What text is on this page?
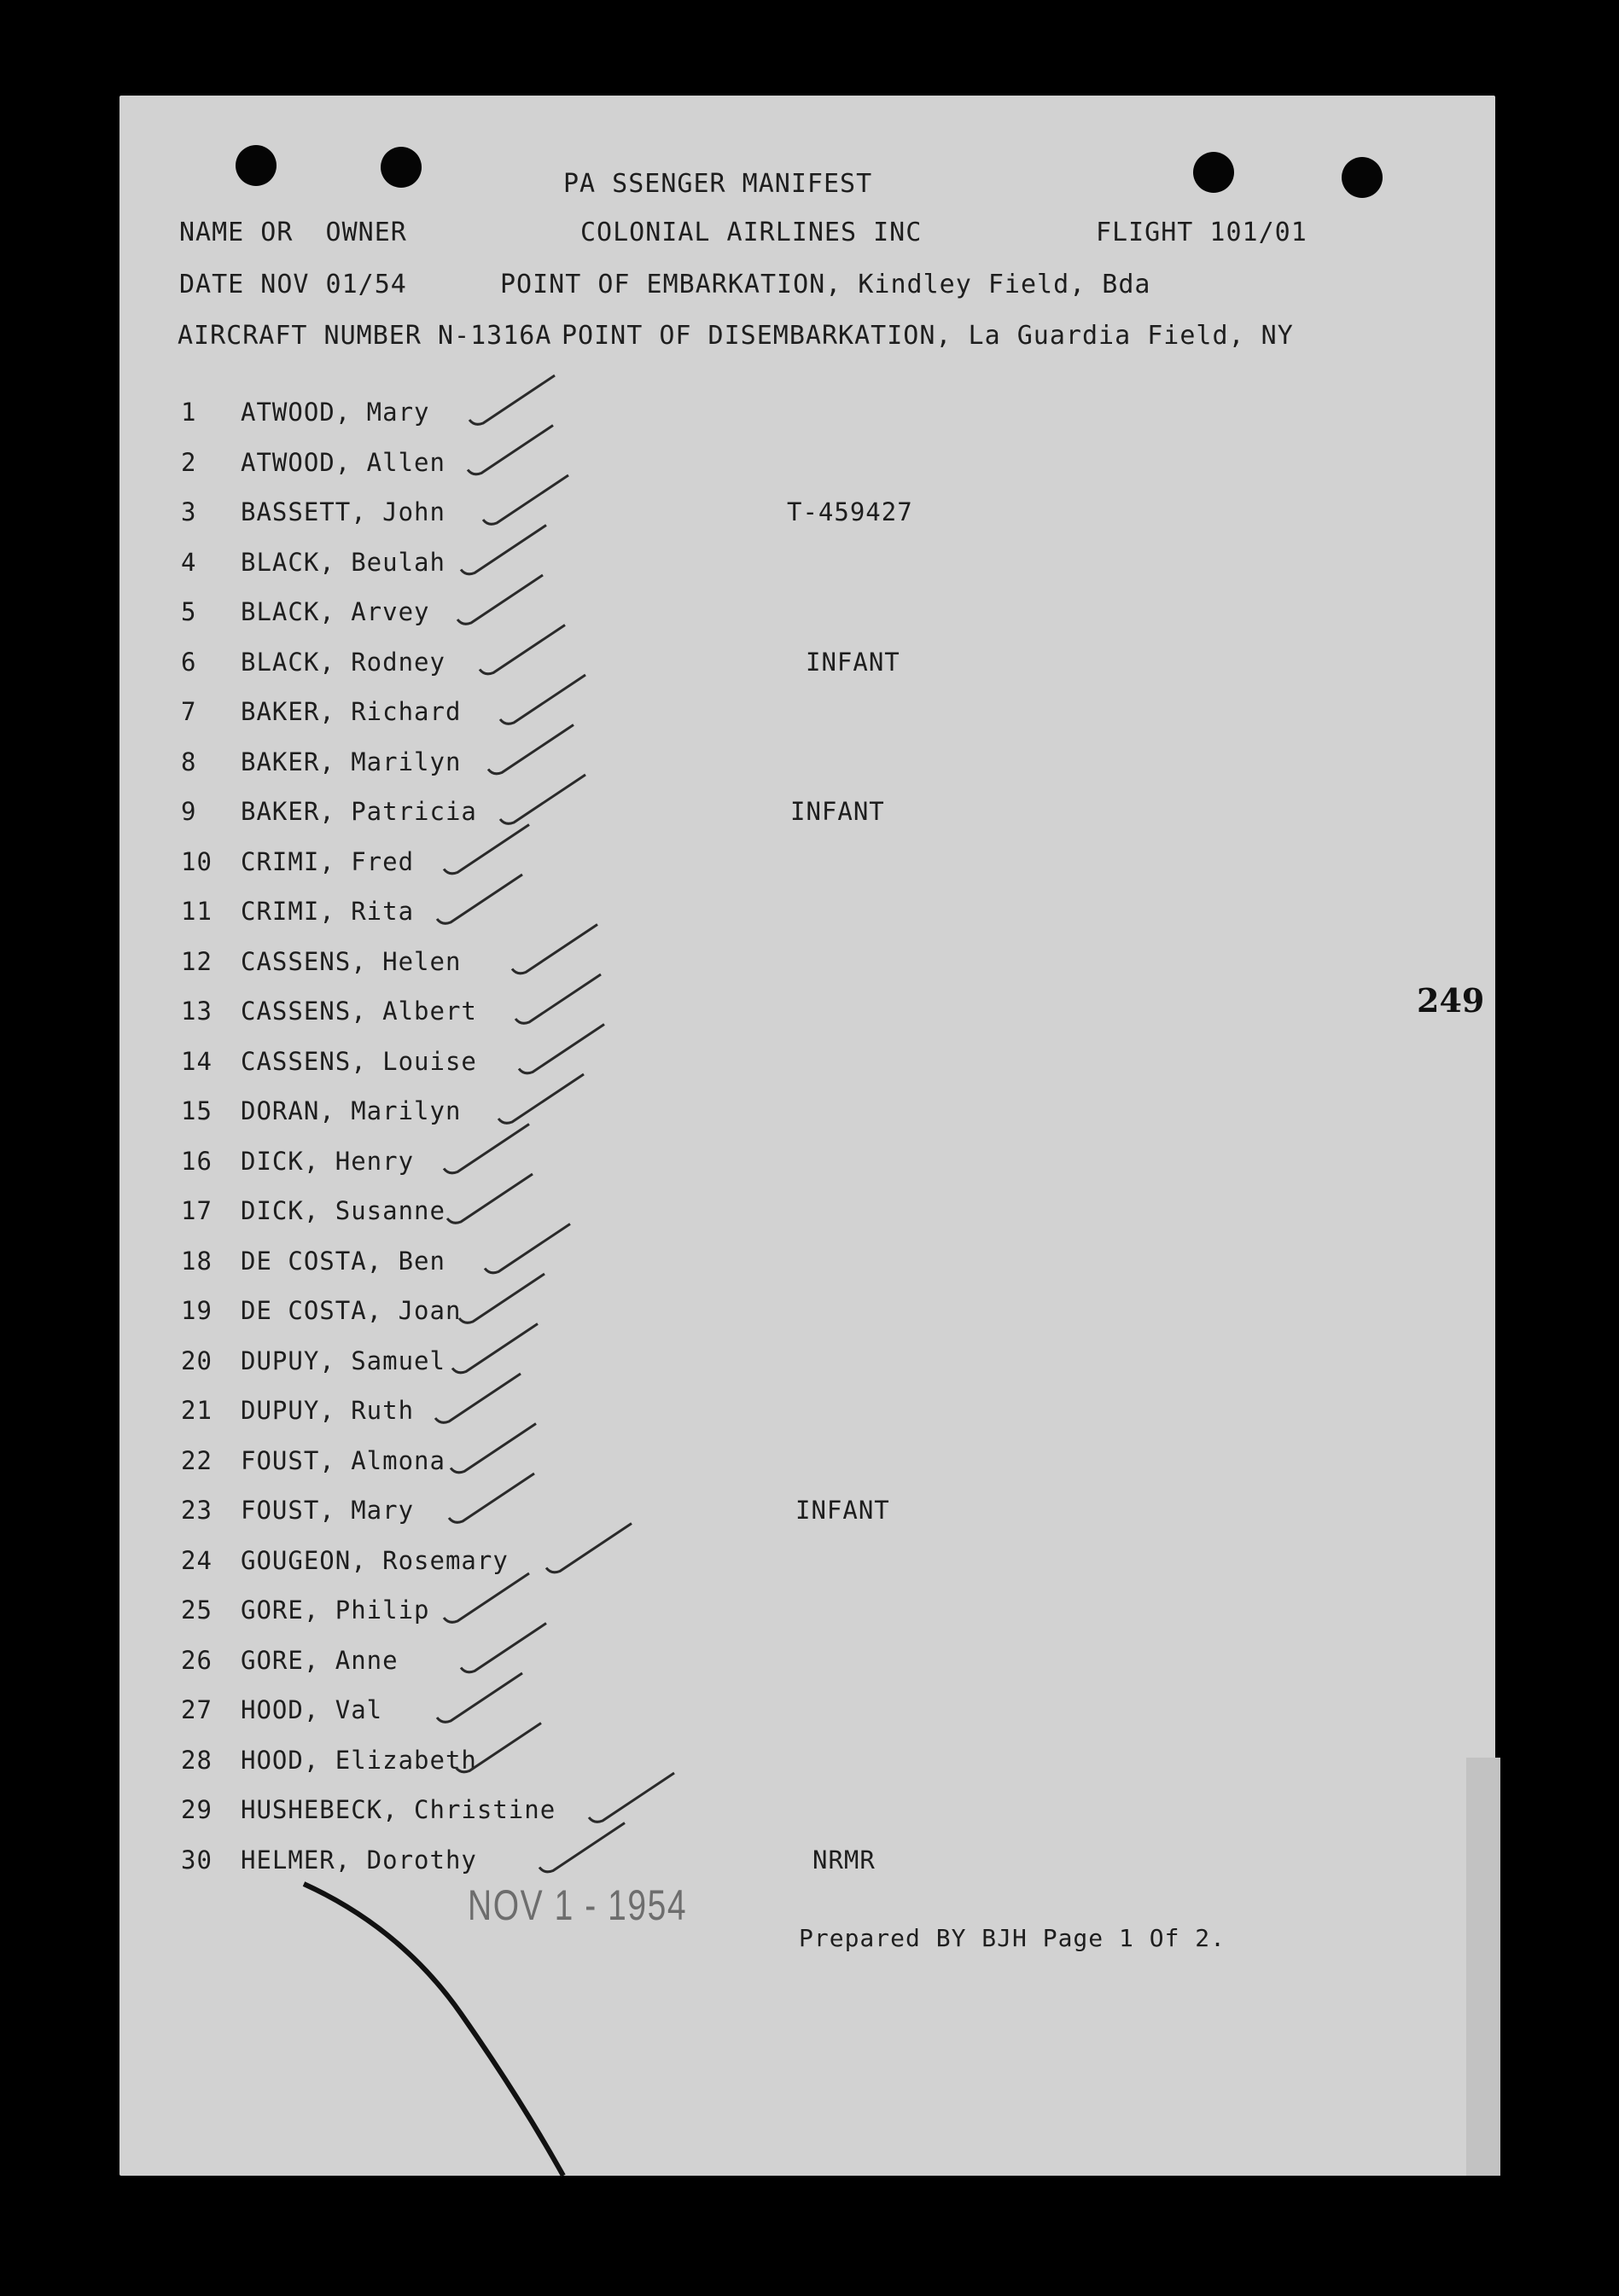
PA SSENGER MANIFEST
NAME OR  OWNER	COLONIAL AIRLINES INC	FLIGHT 101/01
DATE NOV 01/54	POINT OF EMBARKATION, Kindley Field, Bda
AIRCRAFT NUMBER N-1316A POINT OF DISEMBARKATION, La Guardia Field, NY
1 ATWOOD, Mary
2 ATWOOD, Allen
3 BASSETT, John	T-459427
4 BLACK, Beulah
5 BLACK, Arvey
6 BLACK, Rodney	INFANT
7 BAKER, Richard
8 BAKER, Marilyn
9 BAKER, Patricia	INFANT
10 CRIMI, Fred
11 CRIMI, Rita
12 CASSENS, Helen
13 CASSENS, Albert
14 CASSENS, Louise
15 DORAN, Marilyn
16 DICK, Henry
17 DICK, Susanne
18 DE COSTA, Ben
19 DE COSTA, Joan
20 DUPUY, Samuel
21 DUPUY, Ruth
22 FOUST, Almona
23 FOUST, Mary	INFANT
24 GOUGEON, Rosemary
25 GORE, Philip
26 GORE, Anne
27 HOOD, Val
28 HOOD, Elizabeth
29 HUSHEBECK, Christine
30 HELMER, Dorothy	NRMR
NOV 1 - 1954
Prepared BY BJH Page 1 Of 2.
249
